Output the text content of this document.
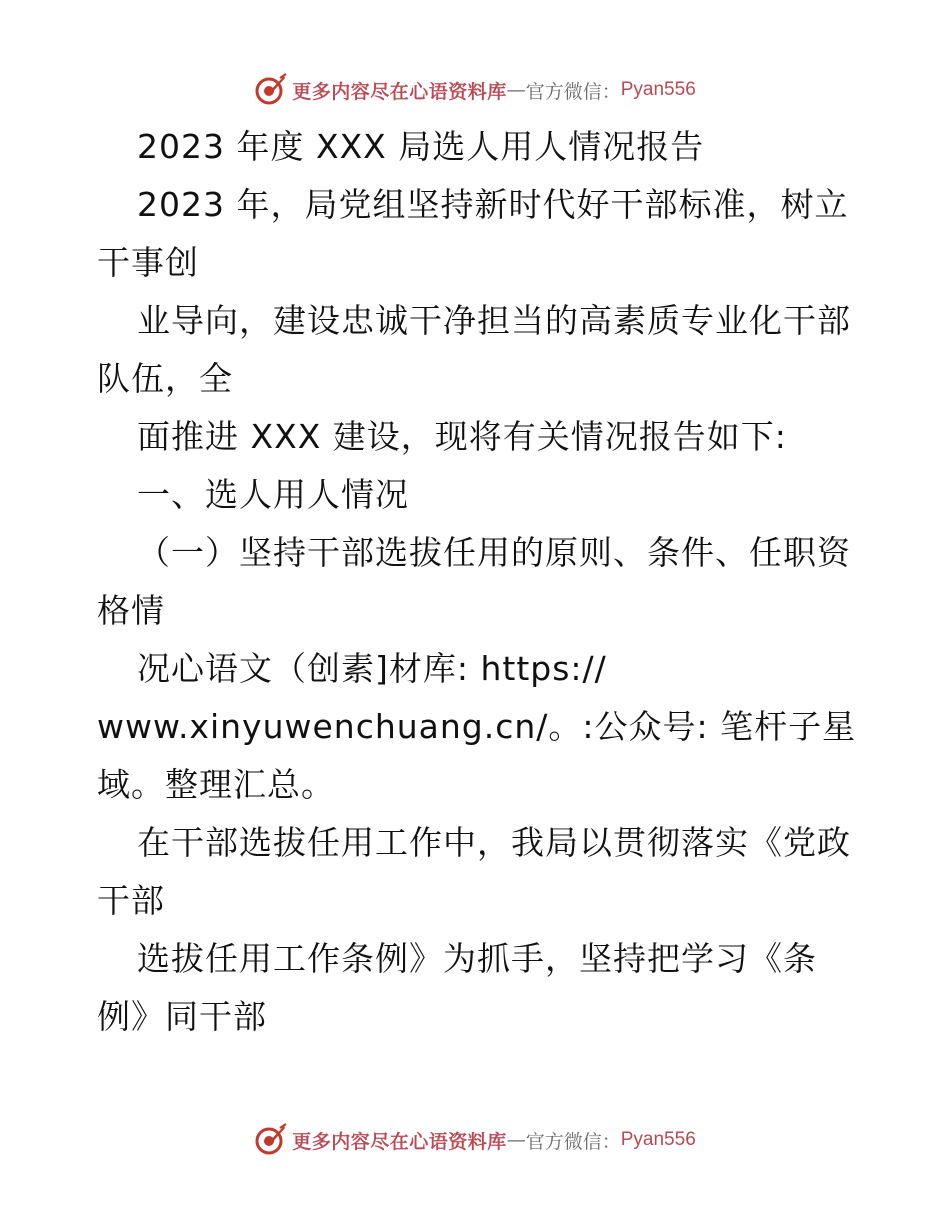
更多内容尽在心语资料库 — 官方微信： Pyan556
2023 年度 XXX 局选人用人情况报告
2023 年，局党组坚持新时代好干部标准，树立
干事创
业导向，建设忠诚干净担当的高素质专业化干部
队伍，全
面推进 XXX 建设，现将有关情况报告如下:
一、选人用人情况
（一）坚持干部选拔任用的原则、条件、任职资
格情
况心语文（创素]材库: https://
www.xinyuwenchuang.cn/。:公众号: 笔杆子星
域。整理汇总。
在干部选拔任用工作中，我局以贯彻落实《党政
干部
选拔任用工作条例》为抓手，坚持把学习《条
例》同干部
更多内容尽在心语资料库 — 官方微信： Pyan556
